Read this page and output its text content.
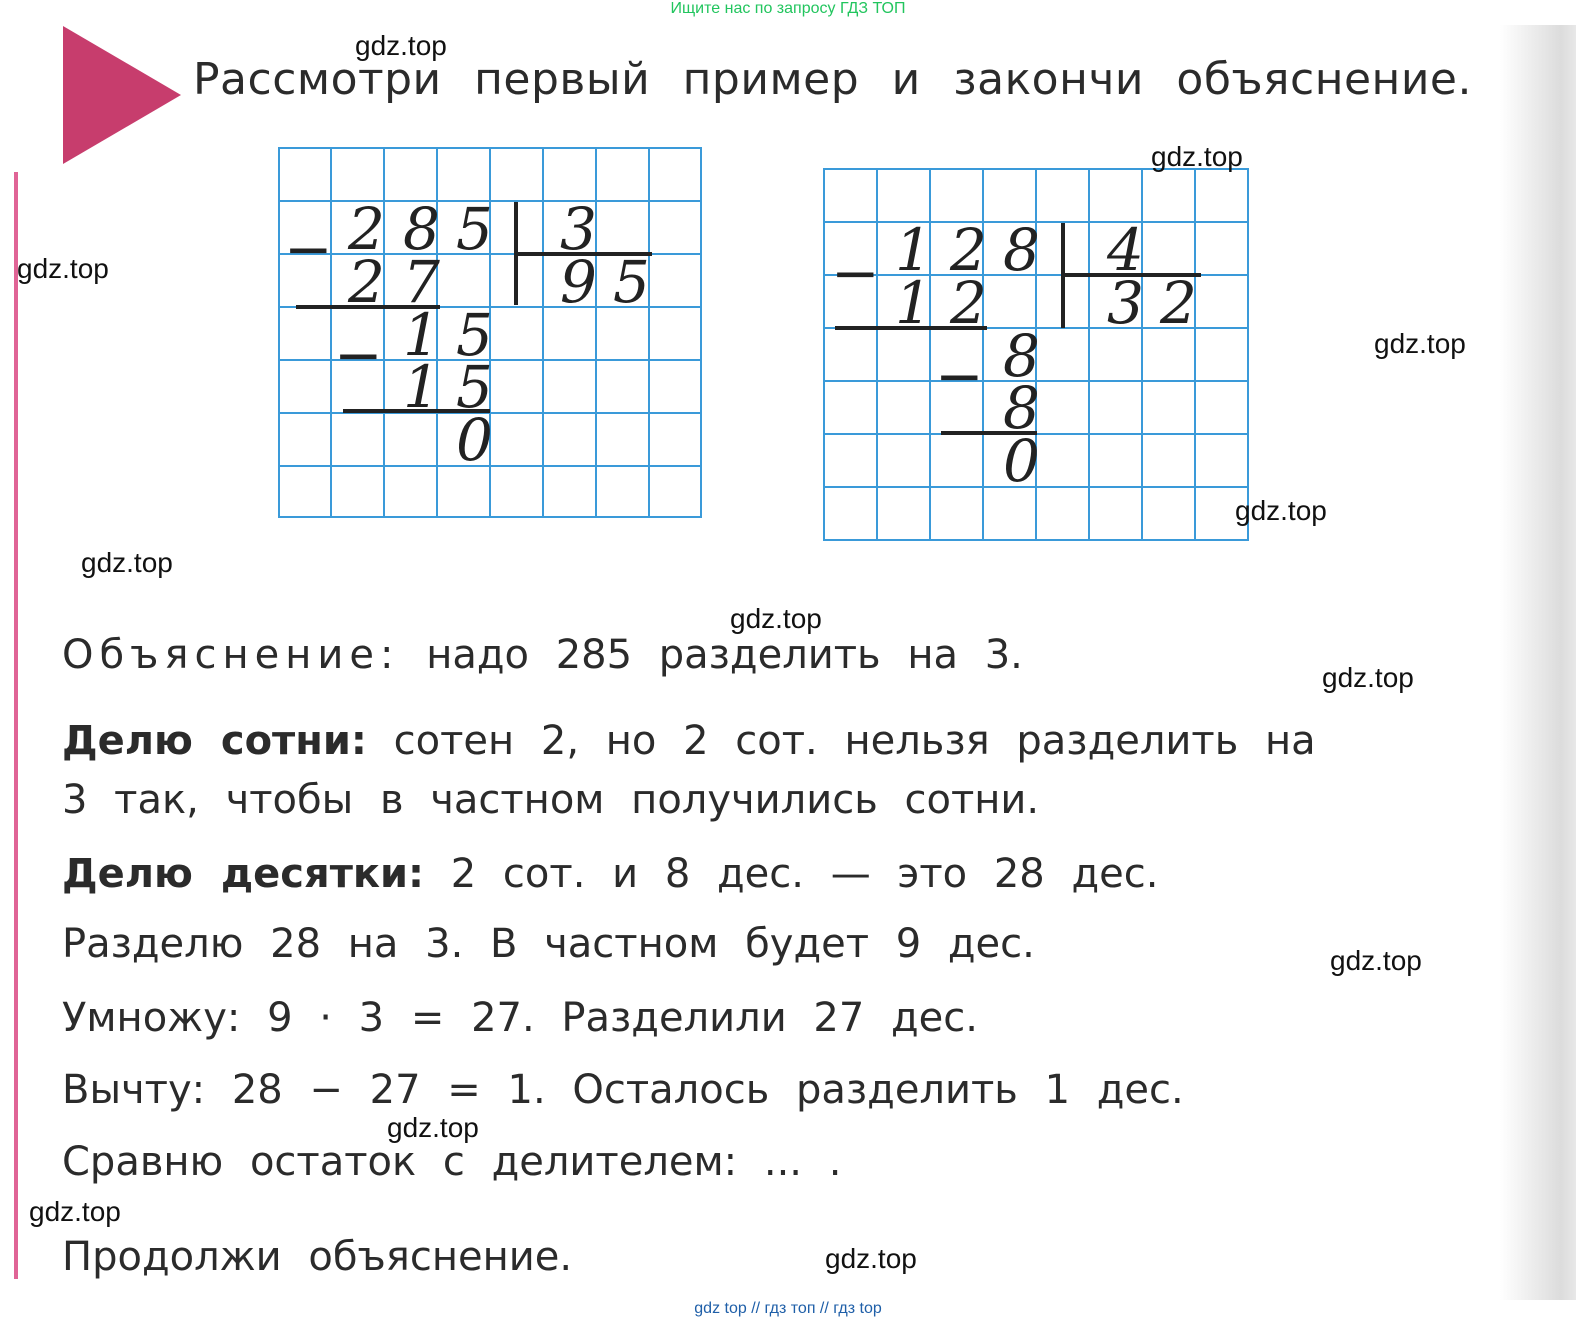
Ищите нас по запросу ГДЗ ТОП
Рассмотри первый пример и закончи объяснение.
− 2 8 5 3
2 7 9 5
1 5
− 1 5
0
− 1 2 8 4
1 2 3 2
8
− 8
0
Объяснение: надо 285 разделить на 3.
Делю сотни: сотен 2, но 2 сот. нельзя разделить на
3 так, чтобы в частном получились сотни.
Делю десятки: 2 сот. и 8 дес. — это 28 дес.
Разделю 28 на 3. В частном будет 9 дес.
Умножу: 9 · 3 = 27. Разделили 27 дес.
Вычту: 28 − 27 = 1. Осталось разделить 1 дес.
Сравню остаток с делителем: ... .
Продолжи объяснение.
gdz.top
gdz.top
gdz.top
gdz.top
gdz.top
gdz.top
gdz.top
gdz.top
gdz.top
gdz.top
gdz.top
gdz.top
gdz top // гдз топ // гдз top
